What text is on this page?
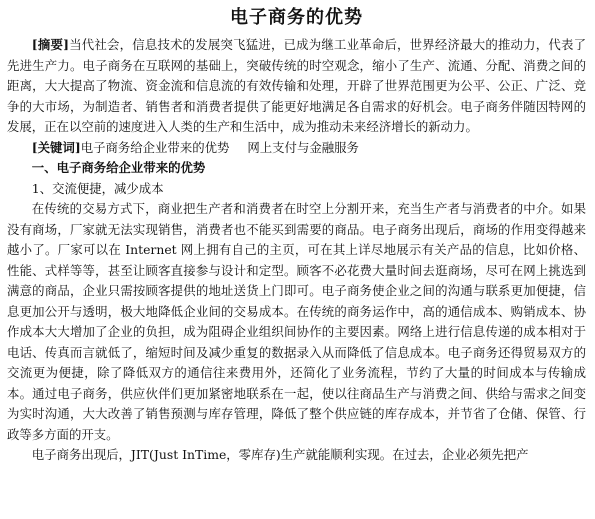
电子商务的优势

[摘要]当代社会，信息技术的发展突飞猛进，已成为继工业革命后，世界经济最大的推动力，代表了先进生产力。电子商务在互联网的基础上，突破传统的时空观念，缩小了生产、流通、分配、消费之间的距离，大大提高了物流、资金流和信息流的有效传输和处理，开辟了世界范围更为公平、公正、广泛、竞争的大市场，为制造者、销售者和消费者提供了能更好地满足各自需求的好机会。电子商务伴随因特网的发展，正在以空前的速度进入人类的生产和生活中，成为推动未来经济增长的新动力。

[关键词]电子商务给企业带来的优势 网上支付与金融服务

一、电子商务给企业带来的优势

1、交流便捷，减少成本

在传统的交易方式下，商业把生产者和消费者在时空上分割开来，充当生产者与消费者的中介。如果没有商场，厂家就无法实现销售，消费者也不能买到需要的商品。电子商务出现后，商场的作用变得越来越小了。厂家可以在 Internet 网上拥有自己的主页，可在其上详尽地展示有关产品的信息，比如价格、性能、式样等等，甚至让顾客直接参与设计和定型。顾客不必花费大量时间去逛商场，尽可在网上挑选到满意的商品，企业只需按顾客提供的地址送货上门即可。电子商务使企业之间的沟通与联系更加便捷，信息更加公开与透明，极大地降低企业间的交易成本。在传统的商务运作中，高的通信成本、购销成本、协作成本大大增加了企业的负担，成为阻碍企业组织间协作的主要因素。网络上进行信息传递的成本相对于电话、传真而言就低了，缩短时间及减少重复的数据录入从而降低了信息成本。电子商务还得贸易双方的交流更为便捷，除了降低双方的通信往来费用外，还简化了业务流程，节约了大量的时间成本与传输成本。通过电子商务，供应伙伴们更加紧密地联系在一起，使以往商品生产与消费之间、供给与需求之间变为实时沟通，大大改善了销售预测与库存管理，降低了整个供应链的库存成本，并节省了仓储、保管、行政等多方面的开支。

电子商务出现后，JIT(Just InTime，零库存)生产就能顺利实现。在过去，企业必须先把产
